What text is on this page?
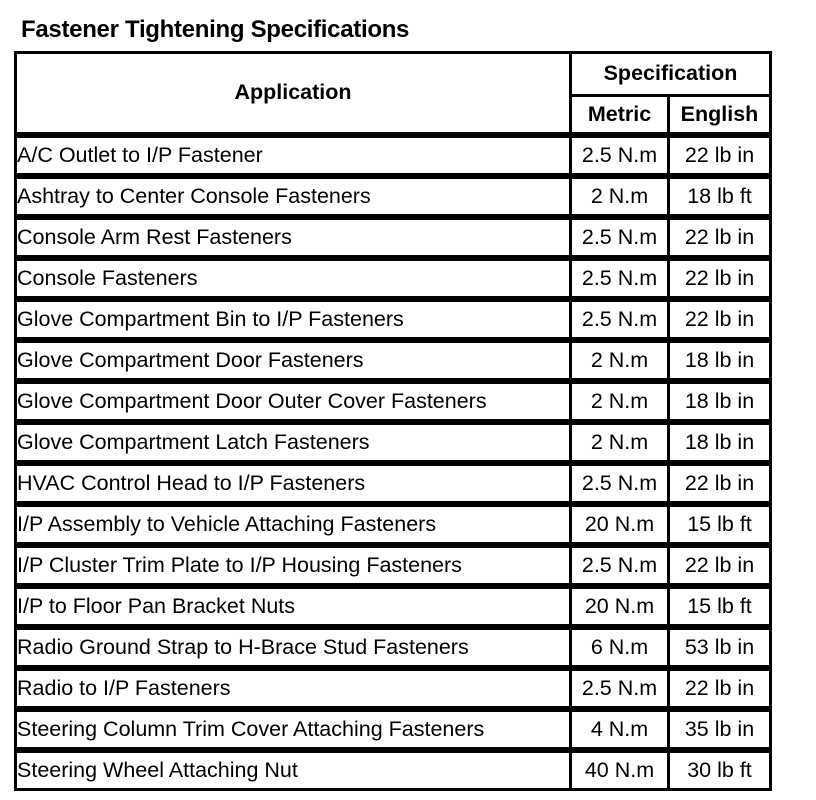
Fastener Tightening Specifications
Application	Specification	
	Metric	English
A/C Outlet to I/P Fastener	2.5 N.m	22 lb in
Ashtray to Center Console Fasteners	2 N.m	18 lb ft
Console Arm Rest Fasteners	2.5 N.m	22 lb in
Console Fasteners	2.5 N.m	22 lb in
Glove Compartment Bin to I/P Fasteners	2.5 N.m	22 lb in
Glove Compartment Door Fasteners	2 N.m	18 lb in
Glove Compartment Door Outer Cover Fasteners	2 N.m	18 lb in
Glove Compartment Latch Fasteners	2 N.m	18 lb in
HVAC Control Head to I/P Fasteners	2.5 N.m	22 lb in
I/P Assembly to Vehicle Attaching Fasteners	20 N.m	15 lb ft
I/P Cluster Trim Plate to I/P Housing Fasteners	2.5 N.m	22 lb in
I/P to Floor Pan Bracket Nuts	20 N.m	15 lb ft
Radio Ground Strap to H-Brace Stud Fasteners	6 N.m	53 lb in
Radio to I/P Fasteners	2.5 N.m	22 lb in
Steering Column Trim Cover Attaching Fasteners	4 N.m	35 lb in
Steering Wheel Attaching Nut	40 N.m	30 lb ft
